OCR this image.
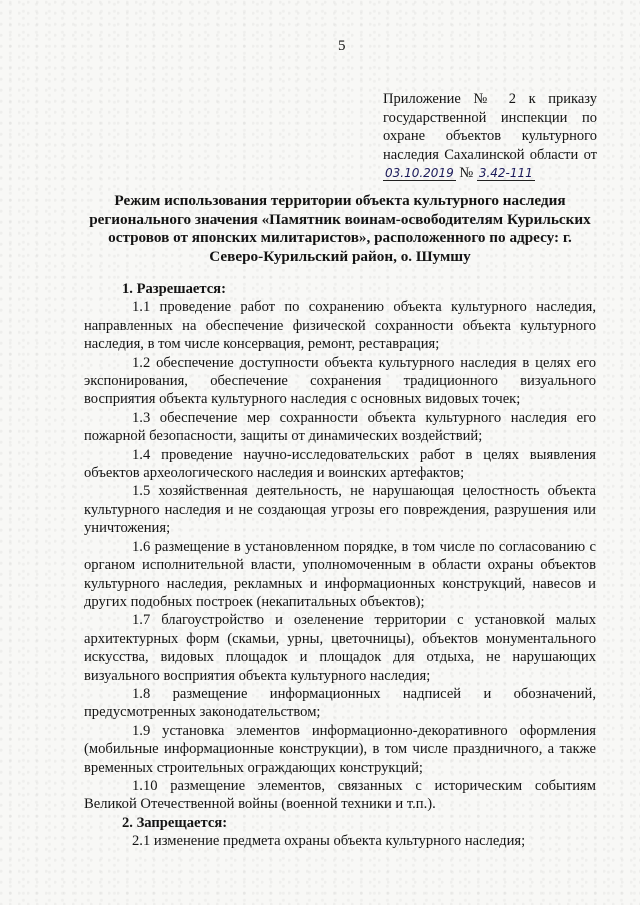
5
Приложение № 2 к приказу государственной инспекции по охране объектов культурного наследия Сахалинской области от 03.10.2019 № 3.42-111
Режим использования территории объекта культурного наследия регионального значения «Памятник воинам-освободителям Курильских островов от японских милитаристов», расположенного по адресу: г. Северо-Курильский район, о. Шумшу

1. Разрешается:

1.1 проведение работ по сохранению объекта культурного наследия, направленных на обеспечение физической сохранности объекта культурного наследия, в том числе консервация, ремонт, реставрация;

1.2 обеспечение доступности объекта культурного наследия в целях его экспонирования, обеспечение сохранения традиционного визуального восприятия объекта культурного наследия с основных видовых точек;

1.3 обеспечение мер сохранности объекта культурного наследия его пожарной безопасности, защиты от динамических воздействий;

1.4 проведение научно-исследовательских работ в целях выявления объектов археологического наследия и воинских артефактов;

1.5 хозяйственная деятельность, не нарушающая целостность объекта культурного наследия и не создающая угрозы его повреждения, разрушения или уничтожения;

1.6 размещение в установленном порядке, в том числе по согласованию с органом исполнительной власти, уполномоченным в области охраны объектов культурного наследия, рекламных и информационных конструкций, навесов и других подобных построек (некапитальных объектов);

1.7 благоустройство и озеленение территории с установкой малых архитектурных форм (скамьи, урны, цветочницы), объектов монументального искусства, видовых площадок и площадок для отдыха, не нарушающих визуального восприятия объекта культурного наследия;

1.8 размещение информационных надписей и обозначений, предусмотренных законодательством;

1.9 установка элементов информационно-декоративного оформления (мобильные информационные конструкции), в том числе праздничного, а также временных строительных ограждающих конструкций;

1.10 размещение элементов, связанных с историческим событиям Великой Отечественной войны (военной техники и т.п.).

2. Запрещается:

2.1 изменение предмета охраны объекта культурного наследия;
